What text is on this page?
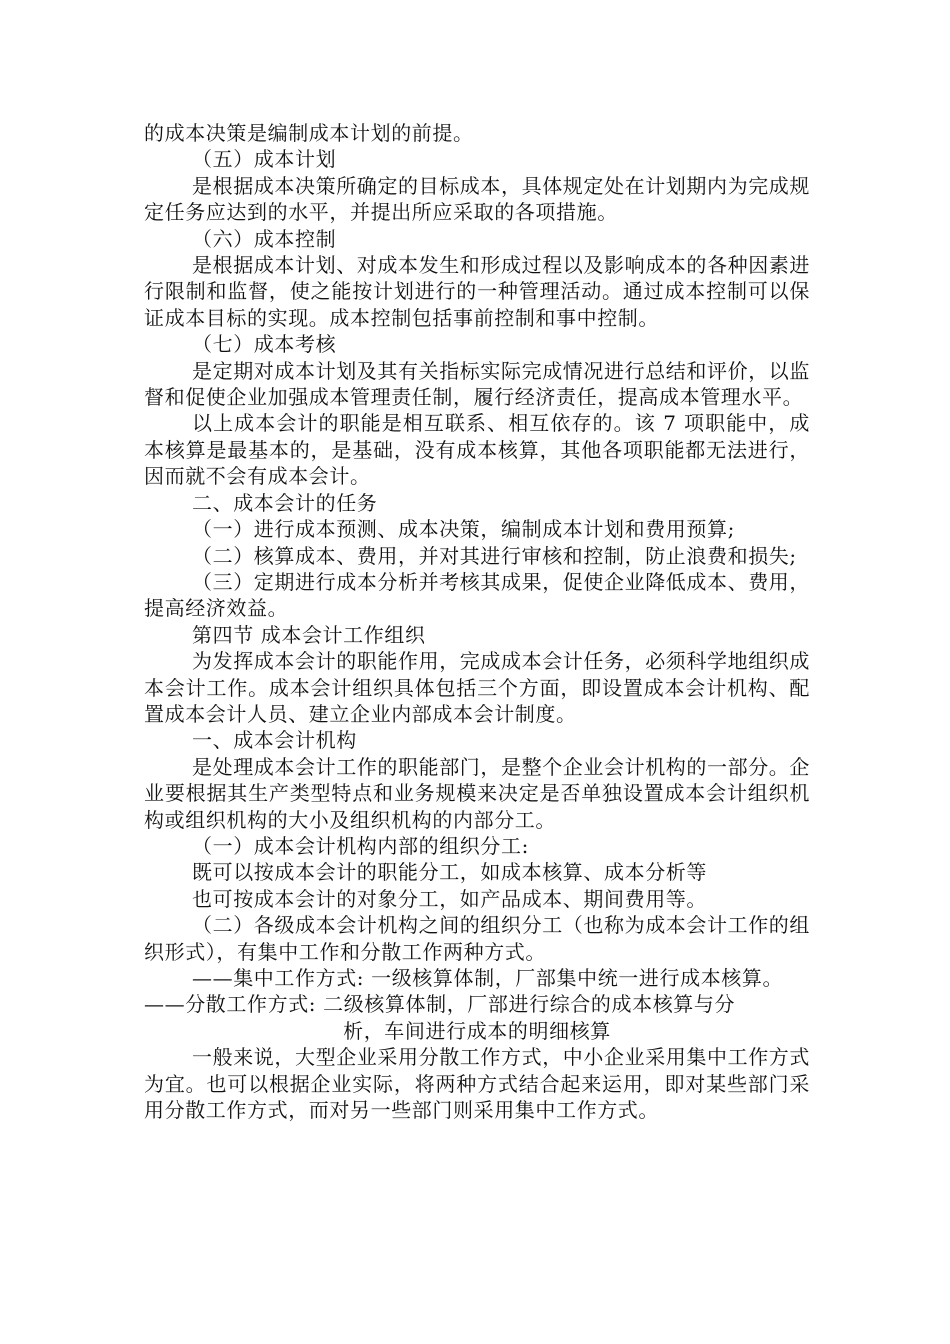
的成本决策是编制成本计划的前提。

（五）成本计划

是根据成本决策所确定的目标成本，具体规定处在计划期内为完成规定任务应达到的水平，并提出所应采取的各项措施。

（六）成本控制

是根据成本计划、对成本发生和形成过程以及影响成本的各种因素进行限制和监督，使之能按计划进行的一种管理活动。通过成本控制可以保证成本目标的实现。成本控制包括事前控制和事中控制。

（七）成本考核

是定期对成本计划及其有关指标实际完成情况进行总结和评价，以监督和促使企业加强成本管理责任制，履行经济责任，提高成本管理水平。

以上成本会计的职能是相互联系、相互依存的。该 7 项职能中，成本核算是最基本的，是基础，没有成本核算，其他各项职能都无法进行，因而就不会有成本会计。

二、成本会计的任务

（一）进行成本预测、成本决策，编制成本计划和费用预算;

（二）核算成本、费用，并对其进行审核和控制，防止浪费和损失;

（三）定期进行成本分析并考核其成果，促使企业降低成本、费用，提高经济效益。

第四节 成本会计工作组织

为发挥成本会计的职能作用，完成成本会计任务，必须科学地组织成本会计工作。成本会计组织具体包括三个方面，即设置成本会计机构、配置成本会计人员、建立企业内部成本会计制度。

一、成本会计机构

是处理成本会计工作的职能部门，是整个企业会计机构的一部分。企业要根据其生产类型特点和业务规模来决定是否单独设置成本会计组织机构或组织机构的大小及组织机构的内部分工。

（一）成本会计机构内部的组织分工:

既可以按成本会计的职能分工，如成本核算、成本分析等

也可按成本会计的对象分工，如产品成本、期间费用等。

（二）各级成本会计机构之间的组织分工（也称为成本会计工作的组织形式），有集中工作和分散工作两种方式。

——集中工作方式: 一级核算体制，厂部集中统一进行成本核算。

——分散工作方式: 二级核算体制，厂部进行综合的成本核算与分

析，车间进行成本的明细核算

一般来说，大型企业采用分散工作方式，中小企业采用集中工作方式为宜。也可以根据企业实际，将两种方式结合起来运用，即对某些部门采用分散工作方式，而对另一些部门则采用集中工作方式。
